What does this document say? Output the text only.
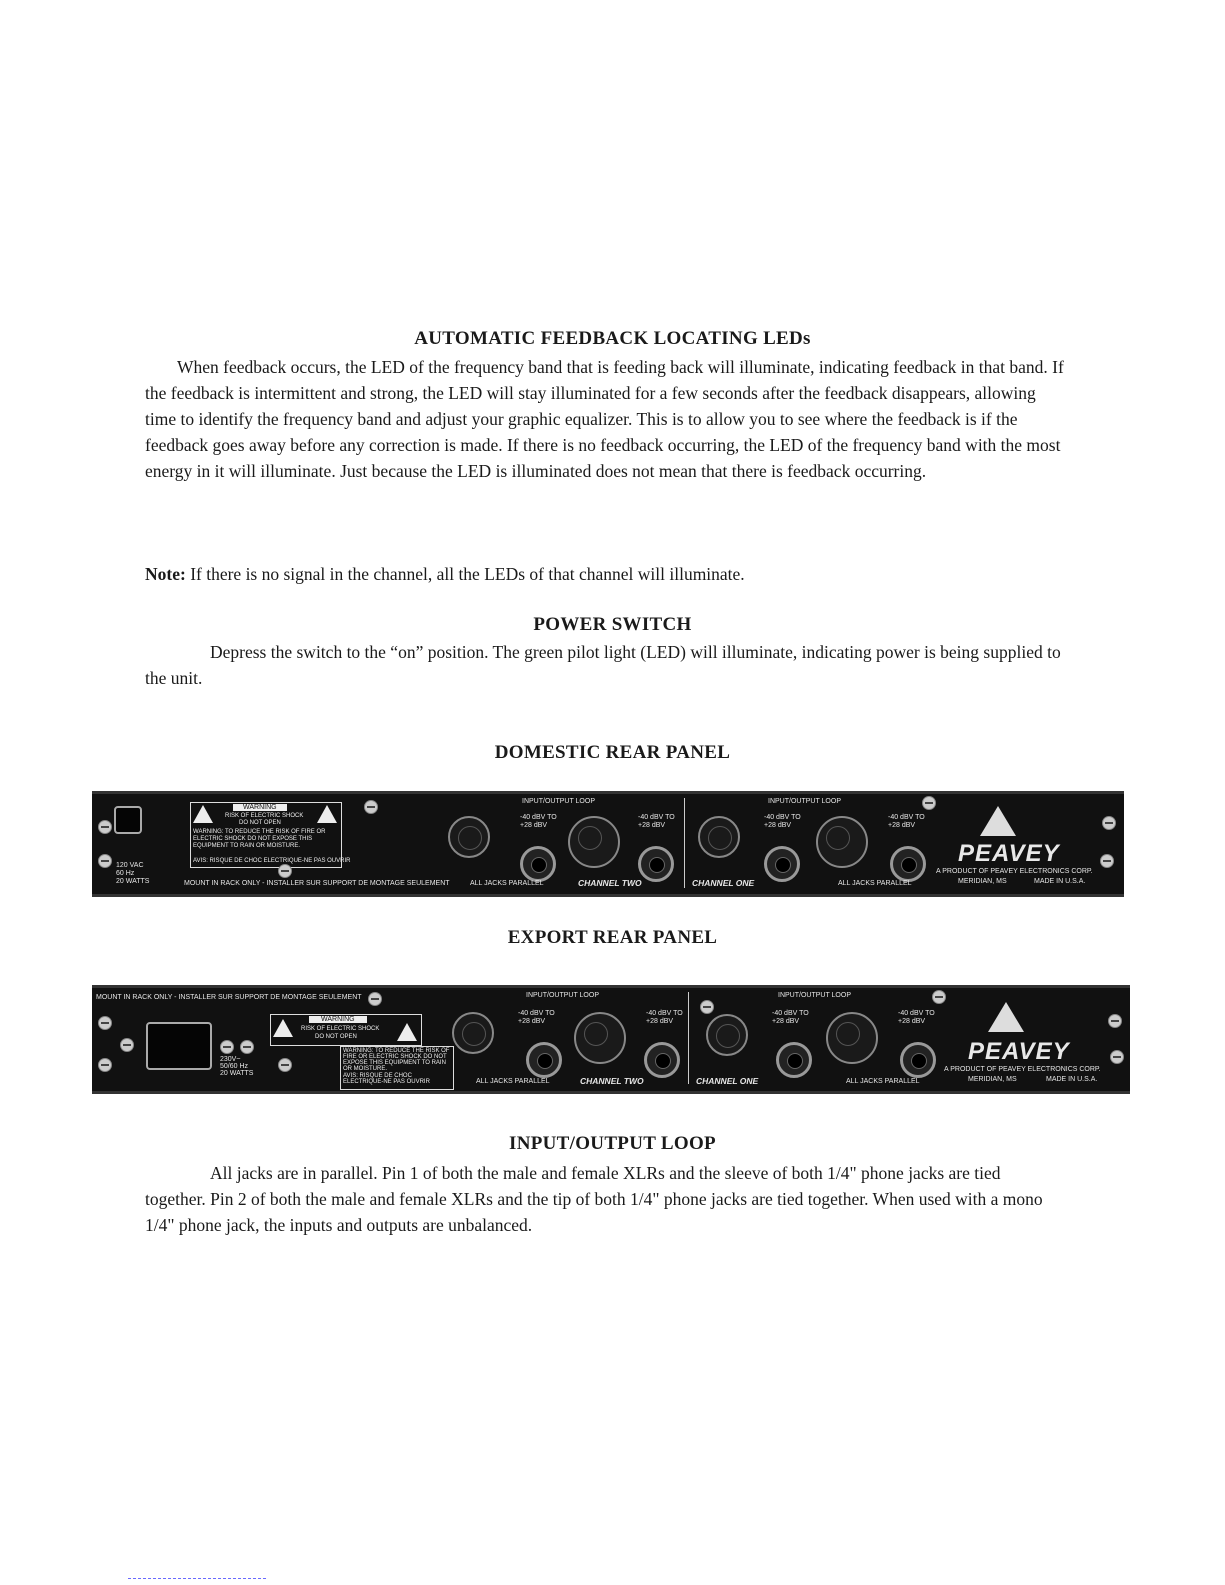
AUTOMATIC FEEDBACK LOCATING LEDs

When feedback occurs, the LED of the frequency band that is feeding back will illuminate, indicating feedback in that band. If the feedback is intermittent and strong, the LED will stay illuminated for a few seconds after the feedback disappears, allowing time to identify the frequency band and adjust your graphic equalizer. This is to allow you to see where the feedback is if the feedback goes away before any correction is made. If there is no feedback occurring, the LED of the frequency band with the most energy in it will illuminate. Just because the LED is illuminated does not mean that there is feedback occurring.

Note: If there is no signal in the channel, all the LEDs of that channel will illuminate.

POWER SWITCH

Depress the switch to the “on” position. The green pilot light (LED) will illuminate, indicating power is being supplied to the unit.

DOMESTIC REAR PANEL
120 VAC
60 Hz
20 WATTS
WARNING
RISK OF ELECTRIC SHOCK
DO NOT OPEN
WARNING: TO REDUCE THE RISK OF FIRE OR ELECTRIC SHOCK DO NOT EXPOSE THIS EQUIPMENT TO RAIN OR MOISTURE.
AVIS: RISQUE DE CHOC ELECTRIQUE-NE PAS OUVRIR
MOUNT IN RACK ONLY - INSTALLER SUR SUPPORT DE MONTAGE SEULEMENT
INPUT/OUTPUT LOOP
-40 dBV TO
+28 dBV
-40 dBV TO
+28 dBV
ALL JACKS PARALLEL	CHANNEL TWO
INPUT/OUTPUT LOOP
-40 dBV TO
+28 dBV
-40 dBV TO
+28 dBV
CHANNEL ONE	ALL JACKS PARALLEL
PEAVEY
A PRODUCT OF PEAVEY ELECTRONICS CORP.
MERIDIAN, MS	MADE IN U.S.A.
EXPORT REAR PANEL
MOUNT IN RACK ONLY - INSTALLER SUR SUPPORT DE MONTAGE SEULEMENT
230V~
50/60 Hz
20 WATTS
WARNING
RISK OF ELECTRIC SHOCK
DO NOT OPEN
WARNING: TO REDUCE THE RISK OF FIRE OR ELECTRIC SHOCK DO NOT EXPOSE THIS EQUIPMENT TO RAIN OR MOISTURE.
AVIS: RISQUE DE CHOC ELECTRIQUE-NE PAS OUVRIR
INPUT/OUTPUT LOOP
-40 dBV TO
+28 dBV
-40 dBV TO
+28 dBV
ALL JACKS PARALLEL	CHANNEL TWO
INPUT/OUTPUT LOOP
-40 dBV TO
+28 dBV
-40 dBV TO
+28 dBV
CHANNEL ONE	ALL JACKS PARALLEL
PEAVEY
A PRODUCT OF PEAVEY ELECTRONICS CORP.
MERIDIAN, MS	MADE IN U.S.A.
INPUT/OUTPUT LOOP

All jacks are in parallel. Pin 1 of both the male and female XLRs and the sleeve of both 1/4" phone jacks are tied together. Pin 2 of both the male and female XLRs and the tip of both 1/4" phone jacks are tied together. When used with a mono 1/4" phone jack, the inputs and outputs are unbalanced.
